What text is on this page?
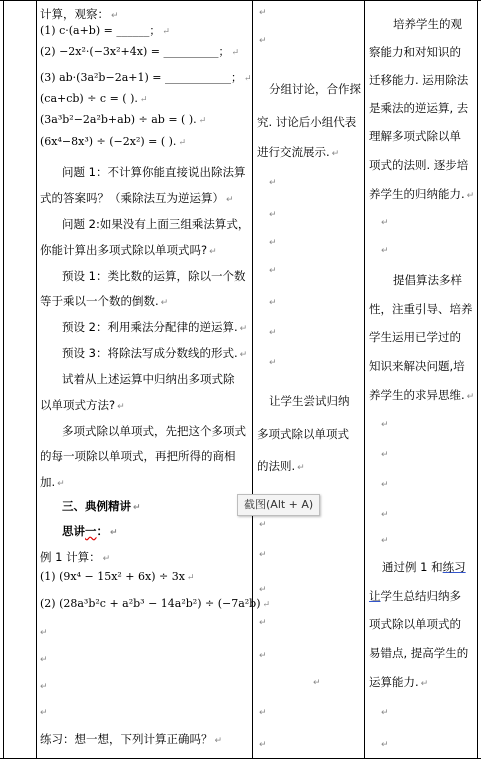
计算，观察： ↵
(1) c·(a+b) = ______； ↵
(2) −2x²·(−3x²+4x) = __________； ↵
(3) ab·(3a²b−2a+1) = ____________； ↵
(ca+cb) ÷ c = ( ). ↵
(3a³b²−2a²b+ab) ÷ ab = ( ). ↵
(6x⁴−8x³) ÷ (−2x²) = ( ). ↵
问题 1：不计算你能直接说出除法算
式的答案吗？（乘除法互为逆运算） ↵
问题 2:如果没有上面三组乘法算式，
你能计算出多项式除以单项式吗? ↵
预设 1：类比数的运算，除以一个数
等于乘以一个数的倒数. ↵
预设 2：利用乘法分配律的逆运算. ↵
预设 3：将除法写成分数线的形式. ↵
试着从上述运算中归纳出多项式除
以单项式方法? ↵
多项式除以单项式，先把这个多项式
的每一项除以单项式，再把所得的商相
加. ↵
三、典例精讲 ↵
思讲一： ↵
例 1 计算： ↵
(1) (9x⁴ − 15x² + 6x) ÷ 3x ↵
(2) (28a³b²c + a²b³ − 14a²b²) ÷ (−7a²b) ↵
↵
↵
↵
↵
练习：想一想，下列计算正确吗？ ↵
↵
↵
分组讨论，合作探
究. 讨论后小组代表
进行交流展示. ↵
↵
↵
↵
↵
↵
↵
↵
让学生尝试归纳
多项式除以单项式
的法则. ↵
↵
↵
↵
↵
↵
↵
↵
↵
培养学生的观
察能力和对知识的
迁移能力. 运用除法
是乘法的逆运算, 去
理解多项式除以单
项式的法则. 逐步培
养学生的归纳能力. ↵
↵
↵
提倡算法多样
性，注重引导、培养
学生运用已学过的
知识来解决问题,培
养学生的求异思维. ↵
↵
↵
↵
↵
↵
通过例 1 和练习
让学生总结归纳多
项式除以单项式的
易错点, 提高学生的
运算能力. ↵
↵
↵
截图(Alt + A)
